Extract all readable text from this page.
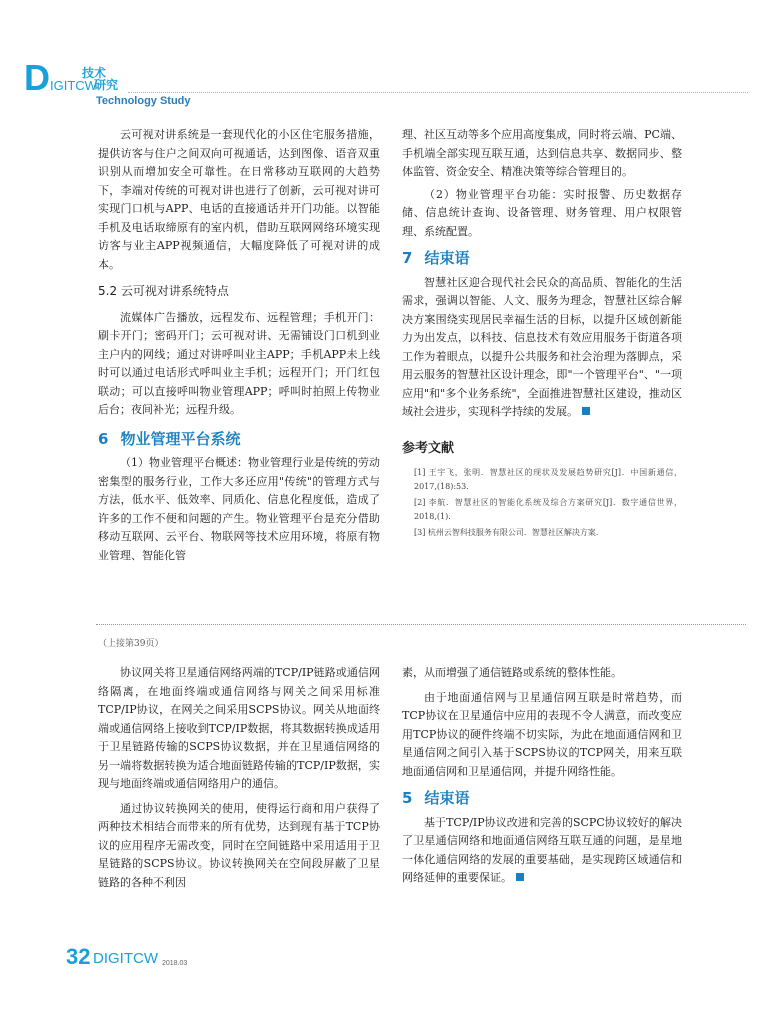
D IGITCW
技术
研究
Technology Study

云可视对讲系统是一套现代化的小区住宅服务措施，提供访客与住户之间双向可视通话，达到图像、语音双重识别从而增加安全可靠性。在日常移动互联网的大趋势下，李端对传统的可视对讲也进行了创新，云可视对讲可实现门口机与APP、电话的直接通话并开门功能。以智能手机及电话取缔原有的室内机，借助互联网网络环境实现访客与业主APP视频通信，大幅度降低了可视对讲的成本。

5.2 云可视对讲系统特点

流媒体广告播放，远程发布、远程管理；手机开门：刷卡开门；密码开门；云可视对讲、无需铺设门口机到业主户内的网线；通过对讲呼叫业主APP；手机APP未上线时可以通过电话形式呼叫业主手机；远程开门；开门红包联动；可以直接呼叫物业管理APP；呼叫时拍照上传物业后台；夜间补光；远程升级。

6 物业管理平台系统

（1）物业管理平台概述：物业管理行业是传统的劳动密集型的服务行业，工作大多还应用"传统"的管理方式与方法，低水平、低效率、同质化、信息化程度低，造成了许多的工作不便和问题的产生。物业管理平台是充分借助移动互联网、云平台、物联网等技术应用环境，将原有物业管理、智能化管

理、社区互动等多个应用高度集成，同时将云端、PC端、手机端全部实现互联互通，达到信息共享、数据同步、整体监管、资金安全、精准决策等综合管理目的。

（2）物业管理平台功能：实时报警、历史数据存储、信息统计查询、设备管理、财务管理、用户权限管理、系统配置。

7 结束语

智慧社区迎合现代社会民众的高品质、智能化的生活需求，强调以智能、人文、服务为理念，智慧社区综合解决方案围绕实现居民幸福生活的目标，以提升区域创新能力为出发点，以科技、信息技术有效应用服务于街道各项工作为着眼点，以提升公共服务和社会治理为落脚点，采用云服务的智慧社区设计理念，即"一个管理平台"、"一项应用"和"多个业务系统"，全面推进智慧社区建设，推动区域社会进步，实现科学持续的发展。

参考文献
[1] 王宇飞，张明．智慧社区的现状及发展趋势研究[J]．中国新通信，2017,(18):53.
[2] 李航．智慧社区的智能化系统及综合方案研究[J]．数字通信世界，2018,(1).
[3] 杭州云智科技服务有限公司．智慧社区解决方案.
（上接第39页）

协议网关将卫星通信网络两端的TCP/IP链路或通信网络隔离，在地面终端或通信网络与网关之间采用标准TCP/IP协议，在网关之间采用SCPS协议。网关从地面终端或通信网络上接收到TCP/IP数据，将其数据转换成适用于卫星链路传输的SCPS协议数据，并在卫星通信网络的另一端将数据转换为适合地面链路传输的TCP/IP数据，实现与地面终端或通信网络用户的通信。

通过协议转换网关的使用，使得运行商和用户获得了两种技术相结合而带来的所有优势，达到现有基于TCP协议的应用程序无需改变，同时在空间链路中采用适用于卫星链路的SCPS协议。协议转换网关在空间段屏蔽了卫星链路的各种不利因

素，从而增强了通信链路或系统的整体性能。

由于地面通信网与卫星通信网互联是时常趋势，而TCP协议在卫星通信中应用的表现不令人满意，而改变应用TCP协议的硬件终端不切实际，为此在地面通信网和卫星通信网之间引入基于SCPS协议的TCP网关，用来互联地面通信网和卫星通信网，并提升网络性能。

5 结束语

基于TCP/IP协议改进和完善的SCPC协议较好的解决了卫星通信网络和地面通信网络互联互通的问题，是星地一体化通信网络的发展的重要基础，是实现跨区域通信和网络延伸的重要保证。

32 DIGITCW 2018.03
